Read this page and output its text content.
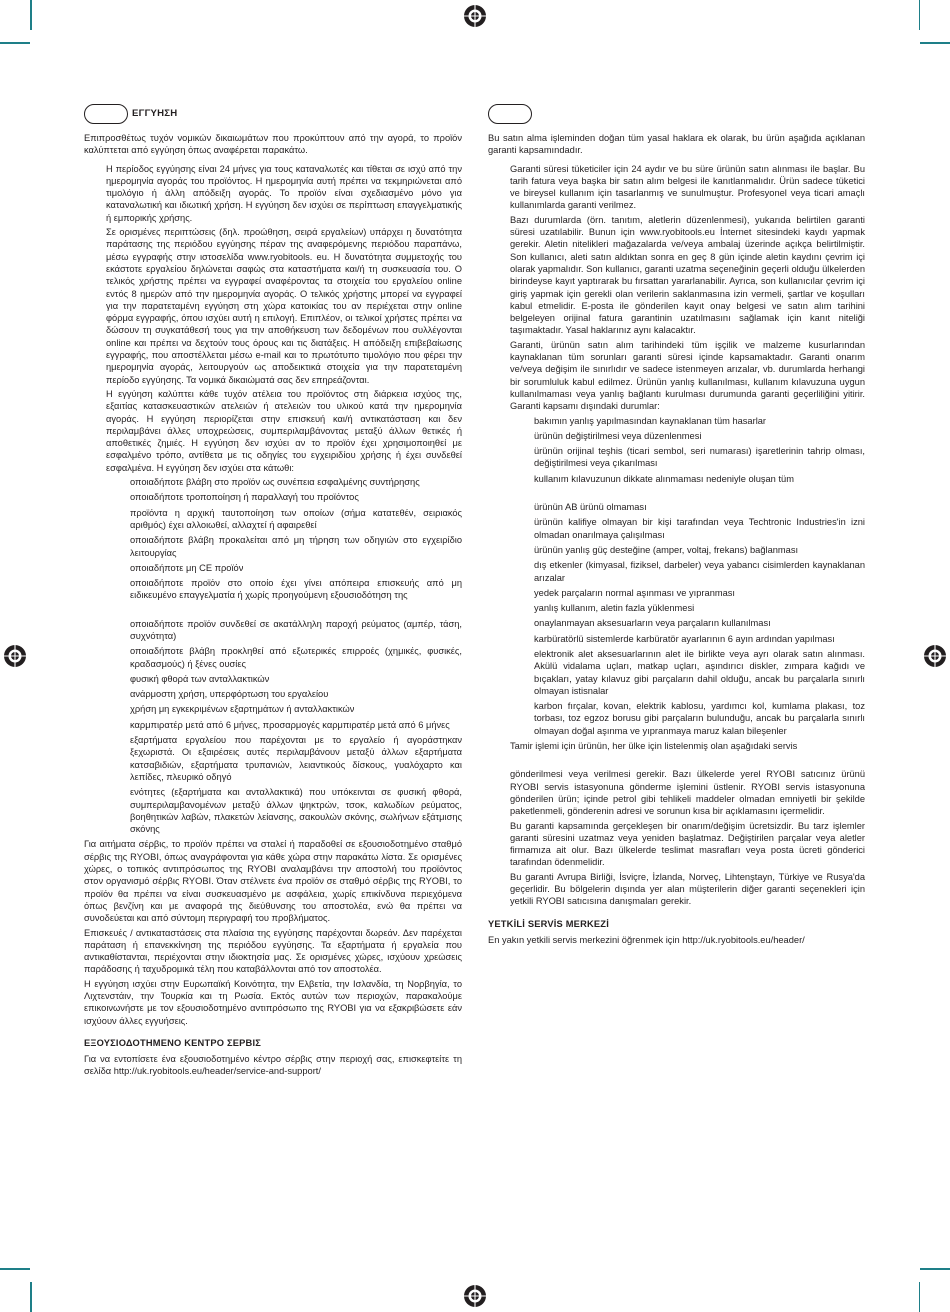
ΕΓΓΥΗΣΗ

Επιπροσθέτως τυχόν νομικών δικαιωμάτων που προκύπτουν από την αγορά, το προϊόν καλύπτεται από εγγύηση όπως αναφέρεται παρακάτω.

Η περίοδος εγγύησης είναι 24 μήνες για τους καταναλωτές και τίθεται σε ισχύ από την ημερομηνία αγοράς του προϊόντος. Η ημερομηνία αυτή πρέπει να τεκμηριώνεται από τιμολόγιο ή άλλη απόδειξη αγοράς. Το προϊόν είναι σχεδιασμένο μόνο για καταναλωτική και ιδιωτική χρήση. Η εγγύηση δεν ισχύει σε περίπτωση επαγγελματικής ή εμπορικής χρήσης.

Σε ορισμένες περιπτώσεις (δηλ. προώθηση, σειρά εργαλείων) υπάρχει η δυνατότητα παράτασης της περιόδου εγγύησης πέραν της αναφερόμενης περιόδου παραπάνω, μέσω εγγραφής στην ιστοσελίδα www.ryobitools. eu. Η δυνατότητα συμμετοχής του εκάστοτε εργαλείου δηλώνεται σαφώς στα καταστήματα και/ή τη συσκευασία του. Ο τελικός χρήστης πρέπει να εγγραφεί αναφέροντας τα στοιχεία του εργαλείου online εντός 8 ημερών από την ημερομηνία αγοράς. Ο τελικός χρήστης μπορεί να εγγραφεί για την παρατεταμένη εγγύηση στη χώρα κατοικίας του αν περιέχεται στην online φόρμα εγγραφής, όπου ισχύει αυτή η επιλογή. Επιπλέον, οι τελικοί χρήστες πρέπει να δώσουν τη συγκατάθεσή τους για την αποθήκευση των δεδομένων που συλλέγονται online και πρέπει να δεχτούν τους όρους και τις διατάξεις. Η απόδειξη επιβεβαίωσης εγγραφής, που αποστέλλεται μέσω e-mail και το πρωτότυπο τιμολόγιο που φέρει την ημερομηνία αγοράς, λειτουργούν ως αποδεικτικά στοιχεία για την παρατεταμένη περίοδο εγγύησης. Τα νομικά δικαιώματά σας δεν επηρεάζονται.

Η εγγύηση καλύπτει κάθε τυχόν ατέλεια του προϊόντος στη διάρκεια ισχύος της, εξαιτίας κατασκευαστικών ατελειών ή ατελειών του υλικού κατά την ημερομηνία αγοράς. Η εγγύηση περιορίζεται στην επισκευή και/ή αντικατάσταση και δεν περιλαμβάνει άλλες υποχρεώσεις, συμπεριλαμβάνοντας μεταξύ άλλων θετικές ή αποθετικές ζημιές. Η εγγύηση δεν ισχύει αν το προϊόν έχει χρησιμοποιηθεί με εσφαλμένο τρόπο, αντίθετα με τις οδηγίες του εγχειριδίου χρήσης ή έχει συνδεθεί εσφαλμένα. Η εγγύηση δεν ισχύει στα κάτωθι:

οποιαδήποτε βλάβη στο προϊόν ως συνέπεια εσφαλμένης συντήρησης
οποιαδήποτε τροποποίηση ή παραλλαγή του προϊόντος
προϊόντα η αρχική ταυτοποίηση των οποίων (σήμα κατατεθέν, σειριακός αριθμός) έχει αλλοιωθεί, αλλαχτεί ή αφαιρεθεί
οποιαδήποτε βλάβη προκαλείται από μη τήρηση των οδηγιών στο εγχειρίδιο λειτουργίας
οποιαδήποτε μη CE προϊόν
οποιαδήποτε προϊόν στο οποίο έχει γίνει απόπειρα επισκευής από μη ειδικευμένο επαγγελματία ή χωρίς προηγούμενη εξουσιοδότηση της
οποιαδήποτε προϊόν συνδεθεί σε ακατάλληλη παροχή ρεύματος (αμπέρ, τάση, συχνότητα)
οποιαδήποτε βλάβη προκληθεί από εξωτερικές επιρροές (χημικές, φυσικές, κραδασμούς) ή ξένες ουσίες
φυσική φθορά των ανταλλακτικών
ανάρμοστη χρήση, υπερφόρτωση του εργαλείου
χρήση μη εγκεκριμένων εξαρτημάτων ή ανταλλακτικών
καρμπιρατέρ μετά από 6 μήνες, προσαρμογές καρμπιρατέρ μετά από 6 μήνες
εξαρτήματα εργαλείου που παρέχονται με το εργαλείο ή αγοράστηκαν ξεχωριστά. Οι εξαιρέσεις αυτές περιλαμβάνουν μεταξύ άλλων εξαρτήματα κατσαβιδιών, εξαρτήματα τρυπανιών, λειαντικούς δίσκους, γυαλόχαρτο και λεπίδες, πλευρικό οδηγό
ενότητες (εξαρτήματα και ανταλλακτικά) που υπόκεινται σε φυσική φθορά, συμπεριλαμβανομένων μεταξύ άλλων ψηκτρών, τσοκ, καλωδίων ρεύματος, βοηθητικών λαβών, πλακετών λείανσης, σακουλών σκόνης, σωλήνων εξάτμισης σκόνης

Για αιτήματα σέρβις, το προϊόν πρέπει να σταλεί ή παραδοθεί σε εξουσιοδοτημένο σταθμό σέρβις της RYOBI, όπως αναγράφονται για κάθε χώρα στην παρακάτω λίστα. Σε ορισμένες χώρες, ο τοπικός αντιπρόσωπος της RYOBI αναλαμβάνει την αποστολή του προϊόντος στον οργανισμό σέρβις RYOBI. Όταν στέλνετε ένα προϊόν σε σταθμό σέρβις της RYOBI, το προϊόν θα πρέπει να είναι συσκευασμένο με ασφάλεια, χωρίς επικίνδυνα περιεχόμενα όπως βενζίνη και με αναφορά της διεύθυνσης του αποστολέα, ενώ θα πρέπει να συνοδεύεται και από σύντομη περιγραφή του προβλήματος.

Επισκευές / αντικαταστάσεις στα πλαίσια της εγγύησης παρέχονται δωρεάν. Δεν παρέχεται παράταση ή επανεκκίνηση της περιόδου εγγύησης. Τα εξαρτήματα ή εργαλεία που αντικαθίστανται, περιέχονται στην ιδιοκτησία μας. Σε ορισμένες χώρες, ισχύουν χρεώσεις παράδοσης ή ταχυδρομικά τέλη που καταβάλλονται από τον αποστολέα.

Η εγγύηση ισχύει στην Ευρωπαϊκή Κοινότητα, την Ελβετία, την Ισλανδία, τη Νορβηγία, το Λιχτενστάιν, την Τουρκία και τη Ρωσία. Εκτός αυτών των περιοχών, παρακαλούμε επικοινωνήστε με τον εξουσιοδοτημένο αντιπρόσωπο της RYOBI για να εξακριβώσετε εάν ισχύουν άλλες εγγυήσεις.

ΕΞΟΥΣΙΟΔΟΤΗΜΕΝΟ ΚΕΝΤΡΟ ΣΕΡΒΙΣ

Για να εντοπίσετε ένα εξουσιοδοτημένο κέντρο σέρβις στην περιοχή σας, επισκεφτείτε τη σελίδα http://uk.ryobitools.eu/header/service-and-support/

Bu satın alma işleminden doğan tüm yasal haklara ek olarak, bu ürün aşağıda açıklanan garanti kapsamındadır.

Garanti süresi tüketiciler için 24 aydır ve bu süre ürünün satın alınması ile başlar. Bu tarih fatura veya başka bir satın alım belgesi ile kanıtlanmalıdır. Ürün sadece tüketici ve bireysel kullanım için tasarlanmış ve sunulmuştur. Profesyonel veya ticari amaçlı kullanımlarda garanti verilmez.

Bazı durumlarda (örn. tanıtım, aletlerin düzenlenmesi), yukarıda belirtilen garanti süresi uzatılabilir. Bunun için www.ryobitools.eu İnternet sitesindeki kaydı yapmak gerekir. Aletin nitelikleri mağazalarda ve/veya ambalaj üzerinde açıkça belirtilmiştir. Son kullanıcı, aleti satın aldıktan sonra en geç 8 gün içinde aletin kaydını çevrim içi olarak yapmalıdır. Son kullanıcı, garanti uzatma seçeneğinin geçerli olduğu ülkelerden birindeyse kayıt yaptırarak bu fırsattan yararlanabilir. Ayrıca, son kullanıcılar çevrim içi giriş yapmak için gerekli olan verilerin saklanmasına izin vermeli, şartlar ve koşulları kabul etmelidir. E-posta ile gönderilen kayıt onay belgesi ve satın alım tarihini belgeleyen orijinal fatura garantinin uzatılmasını sağlamak için kanıt niteliği taşımaktadır. Yasal haklarınız aynı kalacaktır.

Garanti, ürünün satın alım tarihindeki tüm işçilik ve malzeme kusurlarından kaynaklanan tüm sorunları garanti süresi içinde kapsamaktadır. Garanti onarım ve/veya değişim ile sınırlıdır ve sadece istenmeyen arızalar, vb. durumlarda herhangi bir sorumluluk kabul edilmez. Ürünün yanlış kullanılması, kullanım kılavuzuna uygun kullanılmaması veya yanlış bağlantı kurulması durumunda garanti geçerliliğini yitirir. Garanti kapsamı dışındaki durumlar:

bakımın yanlış yapılmasından kaynaklanan tüm hasarlar
ürünün değiştirilmesi veya düzenlenmesi
ürünün orijinal teşhis (ticari sembol, seri numarası) işaretlerinin tahrip olması, değiştirilmesi veya çıkarılması
kullanım kılavuzunun dikkate alınmaması nedeniyle oluşan tüm
ürünün AB ürünü olmaması
ürünün kalifiye olmayan bir kişi tarafından veya Techtronic Industries'in izni olmadan onarılmaya çalışılması
ürünün yanlış güç desteğine (amper, voltaj, frekans) bağlanması
dış etkenler (kimyasal, fiziksel, darbeler) veya yabancı cisimlerden kaynaklanan arızalar
yedek parçaların normal aşınması ve yıpranması
yanlış kullanım, aletin fazla yüklenmesi
onaylanmayan aksesuarların veya parçaların kullanılması
karbüratörlü sistemlerde karbüratör ayarlarının 6 ayın ardından yapılması
elektronik alet aksesuarlarının alet ile birlikte veya ayrı olarak satın alınması. Akülü vidalama uçları, matkap uçları, aşındırıcı diskler, zımpara kağıdı ve bıçakları, yatay kılavuz gibi parçaların dahil olduğu, ancak bu parçalarla sınırlı olmayan istisnalar
karbon fırçalar, kovan, elektrik kablosu, yardımcı kol, kumlama plakası, toz torbası, toz egzoz borusu gibi parçaların bulunduğu, ancak bu parçalarla sınırlı olmayan doğal aşınma ve yıpranmaya maruz kalan bileşenler

Tamir işlemi için ürünün, her ülke için listelenmiş olan aşağıdaki servis

gönderilmesi veya verilmesi gerekir. Bazı ülkelerde yerel RYOBI satıcınız ürünü RYOBI servis istasyonuna gönderme işlemini üstlenir. RYOBI servis istasyonuna gönderilen ürün; içinde petrol gibi tehlikeli maddeler olmadan emniyetli bir şekilde paketlenmeli, gönderenin adresi ve sorunun kısa bir açıklamasını içermelidir.

Bu garanti kapsamında gerçekleşen bir onarım/değişim ücretsizdir. Bu tarz işlemler garanti süresini uzatmaz veya yeniden başlatmaz. Değiştirilen parçalar veya aletler firmamıza ait olur. Bazı ülkelerde teslimat masrafları veya posta ücreti gönderici tarafından ödenmelidir.

Bu garanti Avrupa Birliği, İsviçre, İzlanda, Norveç, Lihtenştayn, Türkiye ve Rusya'da geçerlidir. Bu bölgelerin dışında yer alan müşterilerin diğer garanti seçenekleri için yetkili RYOBI satıcısına danışmaları gerekir.

YETKİLİ SERVİS MERKEZİ

En yakın yetkili servis merkezini öğrenmek için http://uk.ryobitools.eu/header/
